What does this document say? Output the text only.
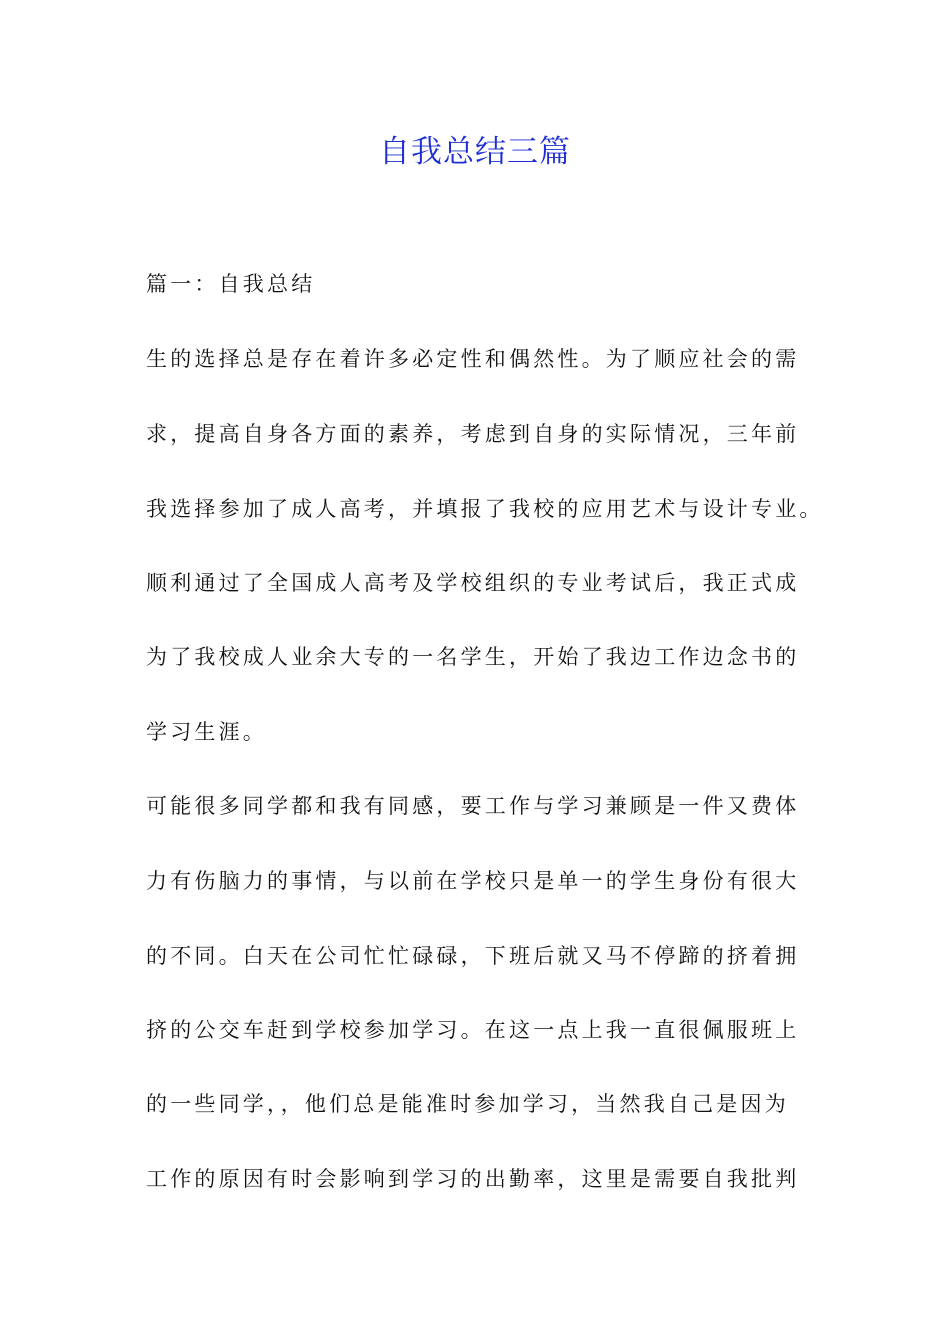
自我总结三篇
篇一：自我总结
生的选择总是存在着许多必定性和偶然性。为了顺应社会的需
求，提高自身各方面的素养，考虑到自身的实际情况，三年前
我选择参加了成人高考，并填报了我校的应用艺术与设计专业。
顺利通过了全国成人高考及学校组织的专业考试后，我正式成
为了我校成人业余大专的一名学生，开始了我边工作边念书的
学习生涯。
可能很多同学都和我有同感，要工作与学习兼顾是一件又费体
力有伤脑力的事情，与以前在学校只是单一的学生身份有很大
的不同。白天在公司忙忙碌碌，下班后就又马不停蹄的挤着拥
挤的公交车赶到学校参加学习。在这一点上我一直很佩服班上
的一些同学，，他们总是能准时参加学习，当然我自己是因为
工作的原因有时会影响到学习的出勤率，这里是需要自我批判
